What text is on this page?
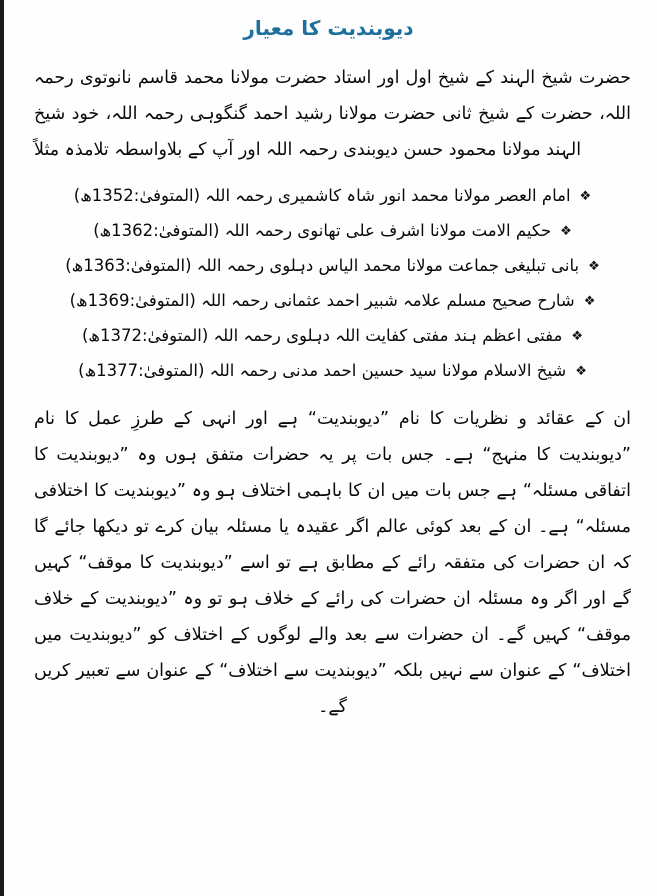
دیوبندیت کا معیار

حضرت شیخ الہند کے شیخ اول اور استاد حضرت مولانا محمد قاسم نانوتوی رحمہ اللہ، حضرت کے شیخ ثانی حضرت مولانا رشید احمد گنگوہی رحمہ اللہ، خود شیخ الہند مولانا محمود حسن دیوبندی رحمہ اللہ اور آپ کے بلاواسطہ تلامذہ مثلاً

❖
امام العصر مولانا محمد انور شاہ کاشمیری رحمہ اللہ (المتوفیٰ:1352ھ)
❖
حکیم الامت مولانا اشرف علی تھانوی رحمہ اللہ (المتوفیٰ:1362ھ)
❖
بانی تبلیغی جماعت مولانا محمد الیاس دہلوی رحمہ اللہ (المتوفیٰ:1363ھ)
❖
شارح صحیح مسلم علامہ شبیر احمد عثمانی رحمہ اللہ (المتوفیٰ:1369ھ)
❖
مفتی اعظم ہند مفتی کفایت اللہ دہلوی رحمہ اللہ (المتوفیٰ:1372ھ)
❖
شیخ الاسلام مولانا سید حسین احمد مدنی رحمہ اللہ (المتوفیٰ:1377ھ)

ان کے عقائد و نظریات کا نام ”دیوبندیت“ ہے اور انہی کے طرزِ عمل کا نام ”دیوبندیت کا منہج“ ہے۔ جس بات پر یہ حضرات متفق ہوں وہ ”دیوبندیت کا اتفاقی مسئلہ“ ہے جس بات میں ان کا باہمی اختلاف ہو وہ ”دیوبندیت کا اختلافی مسئلہ“ ہے۔ ان کے بعد کوئی عالم اگر عقیدہ یا مسئلہ بیان کرے تو دیکھا جائے گا کہ ان حضرات کی متفقہ رائے کے مطابق ہے تو اسے ”دیوبندیت کا موقف“ کہیں گے اور اگر وہ مسئلہ ان حضرات کی رائے کے خلاف ہو تو وہ ”دیوبندیت کے خلاف موقف“ کہیں گے۔ ان حضرات سے بعد والے لوگوں کے اختلاف کو ”دیوبندیت میں اختلاف“ کے عنوان سے نہیں بلکہ ”دیوبندیت سے اختلاف“ کے عنوان سے تعبیر کریں گے۔
